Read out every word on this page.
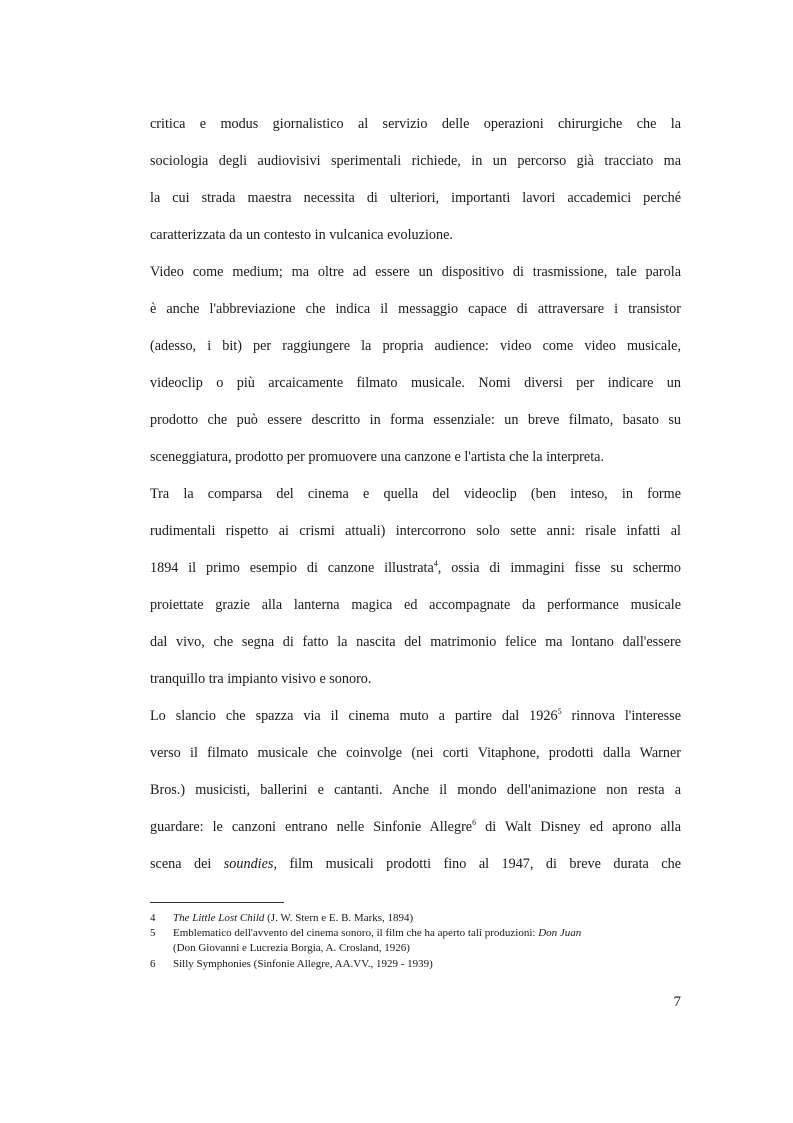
critica e modus giornalistico al servizio delle operazioni chirurgiche che la
sociologia degli audiovisivi sperimentali richiede, in un percorso già tracciato ma
la cui strada maestra necessita di ulteriori, importanti lavori accademici perché
caratterizzata da un contesto in vulcanica evoluzione.
Video come medium; ma oltre ad essere un dispositivo di trasmissione, tale parola
è anche l'abbreviazione che indica il messaggio capace di attraversare i transistor
(adesso, i bit) per raggiungere la propria audience: video come video musicale,
videoclip o più arcaicamente filmato musicale. Nomi diversi per indicare un
prodotto che può essere descritto in forma essenziale: un breve filmato, basato su
sceneggiatura, prodotto per promuovere una canzone e l'artista che la interpreta.
Tra la comparsa del cinema e quella del videoclip (ben inteso, in forme
rudimentali rispetto ai crismi attuali) intercorrono solo sette anni: risale infatti al
1894 il primo esempio di canzone illustrata$^4$, ossia di immagini fisse su schermo
proiettate grazie alla lanterna magica ed accompagnate da performance musicale
dal vivo, che segna di fatto la nascita del matrimonio felice ma lontano dall'essere
tranquillo tra impianto visivo e sonoro.
Lo slancio che spazza via il cinema muto a partire dal 1926$^5$ rinnova l'interesse
verso il filmato musicale che coinvolge (nei corti Vitaphone, prodotti dalla Warner
Bros.) musicisti, ballerini e cantanti. Anche il mondo dell'animazione non resta a
guardare: le canzoni entrano nelle Sinfonie Allegre$^6$ di Walt Disney ed aprono alla
scena dei soundies, film musicali prodotti fino al 1947, di breve durata che
4 The Little Lost Child (J. W. Stern e E. B. Marks, 1894)
5 Emblematico dell'avvento del cinema sonoro, il film che ha aperto tali produzioni: Don Juan
(Don Giovanni e Lucrezia Borgia, A. Crosland, 1926)
6 Silly Symphonies (Sinfonie Allegre, AA.VV., 1929 - 1939)
7
